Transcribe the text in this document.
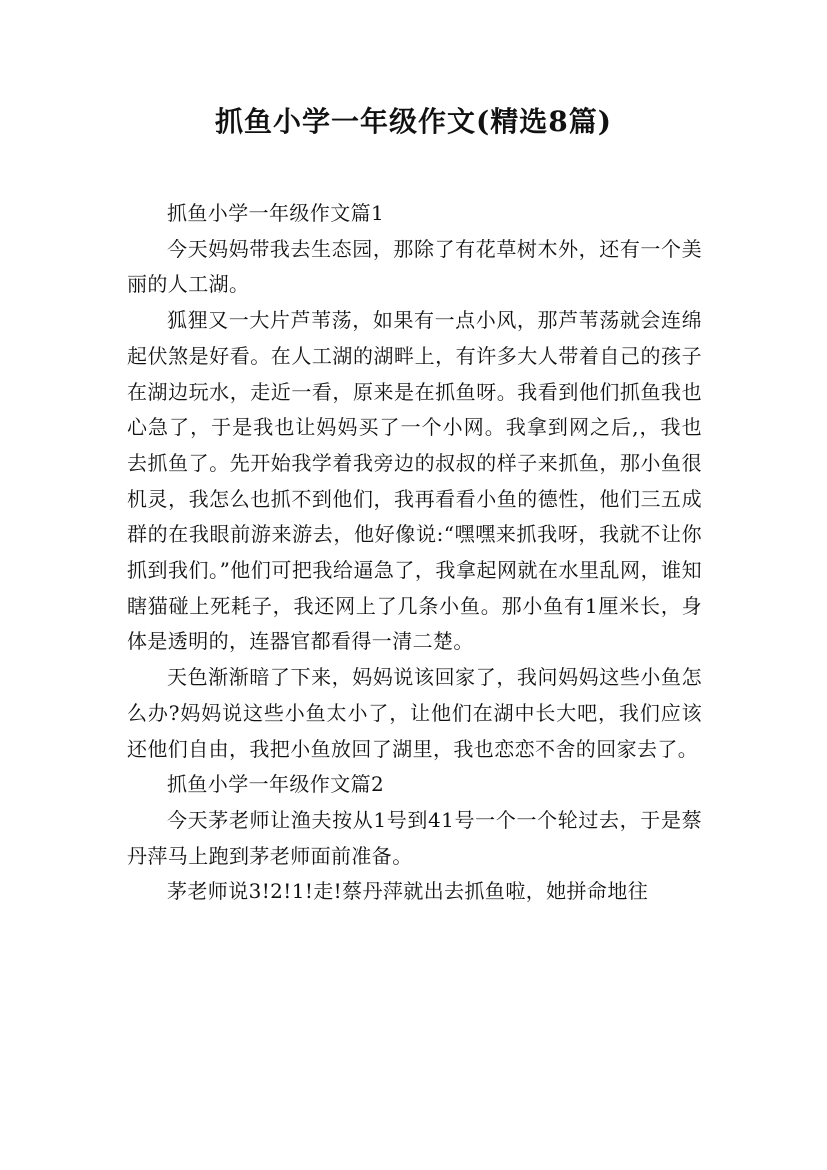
抓鱼小学一年级作文(精选8篇)

抓鱼小学一年级作文篇1

今天妈妈带我去生态园，那除了有花草树木外，还有一个美丽的人工湖。

狐狸又一大片芦苇荡，如果有一点小风，那芦苇荡就会连绵起伏煞是好看。在人工湖的湖畔上，有许多大人带着自己的孩子在湖边玩水，走近一看，原来是在抓鱼呀。我看到他们抓鱼我也心急了，于是我也让妈妈买了一个小网。我拿到网之后,，我也去抓鱼了。先开始我学着我旁边的叔叔的样子来抓鱼，那小鱼很机灵，我怎么也抓不到他们，我再看看小鱼的德性，他们三五成群的在我眼前游来游去，他好像说:“嘿嘿来抓我呀，我就不让你抓到我们。”他们可把我给逼急了，我拿起网就在水里乱网，谁知瞎猫碰上死耗子，我还网上了几条小鱼。那小鱼有1厘米长，身体是透明的，连器官都看得一清二楚。

天色渐渐暗了下来，妈妈说该回家了，我问妈妈这些小鱼怎么办?妈妈说这些小鱼太小了，让他们在湖中长大吧，我们应该还他们自由，我把小鱼放回了湖里，我也恋恋不舍的回家去了。

抓鱼小学一年级作文篇2

今天茅老师让渔夫按从1号到41号一个一个轮过去，于是蔡丹萍马上跑到茅老师面前准备。

茅老师说3!2!1!走!蔡丹萍就出去抓鱼啦，她拼命地往
